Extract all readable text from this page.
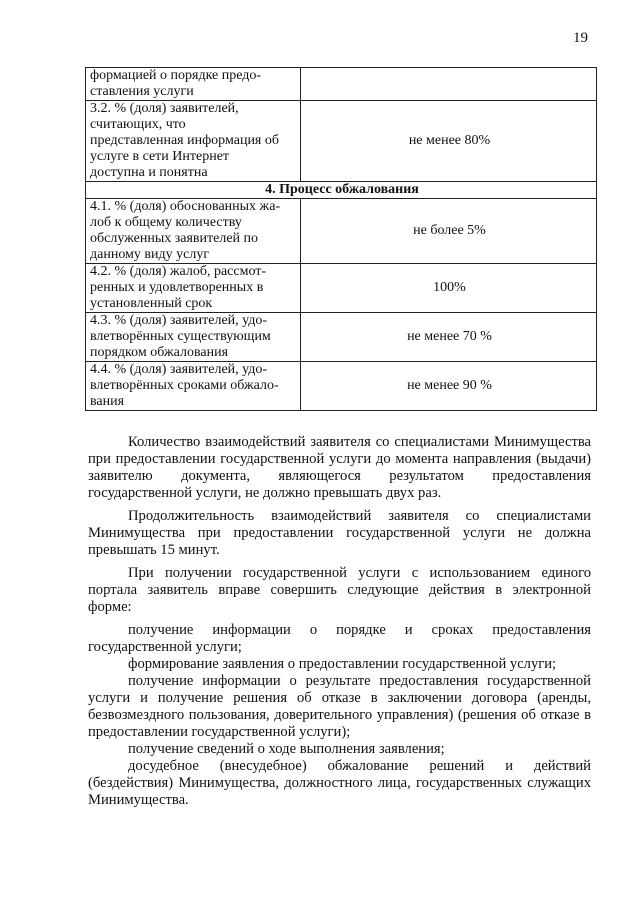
19
формацией о порядке предо-
ставления услуги	

3.2. % (доля) заявителей,
считающих, что
представленная информация об
услуге в сети Интернет
доступна и понятна	не менее 80%
4. Процесс обжалования	

4.1. % (доля) обоснованных жа-
лоб к общему количеству
обслуженных заявителей по
данному виду услуг	не более 5%

4.2. % (доля) жалоб, рассмот-
ренных и удовлетворенных в
установленный срок	100%

4.3. % (доля) заявителей, удо-
влетворённых существующим
порядком обжалования	не менее 70 %

4.4. % (доля) заявителей, удо-
влетворённых сроками обжало-
вания	не менее 90 %

Количество взаимодействий заявителя со специалистами Минимущества при предоставлении государственной услуги до момента направления (выдачи) заявителю документа, являющегося результатом предоставления государственной услуги, не должно превышать двух раз.

Продолжительность взаимодействий заявителя со специалистами Минимущества при предоставлении государственной услуги не должна превышать 15 минут.

При получении государственной услуги с использованием единого портала заявитель вправе совершить следующие действия в электронной форме:

получение информации о порядке и сроках предоставления государственной услуги;

формирование заявления о предоставлении государственной услуги;

получение информации о результате предоставления государственной услуги и получение решения об отказе в заключении договора (аренды, безвозмездного пользования, доверительного управления) (решения об отказе в предоставлении государственной услуги);

получение сведений о ходе выполнения заявления;

досудебное (внесудебное) обжалование решений и действий (бездействия) Минимущества, должностного лица, государственных служащих Минимущества.
